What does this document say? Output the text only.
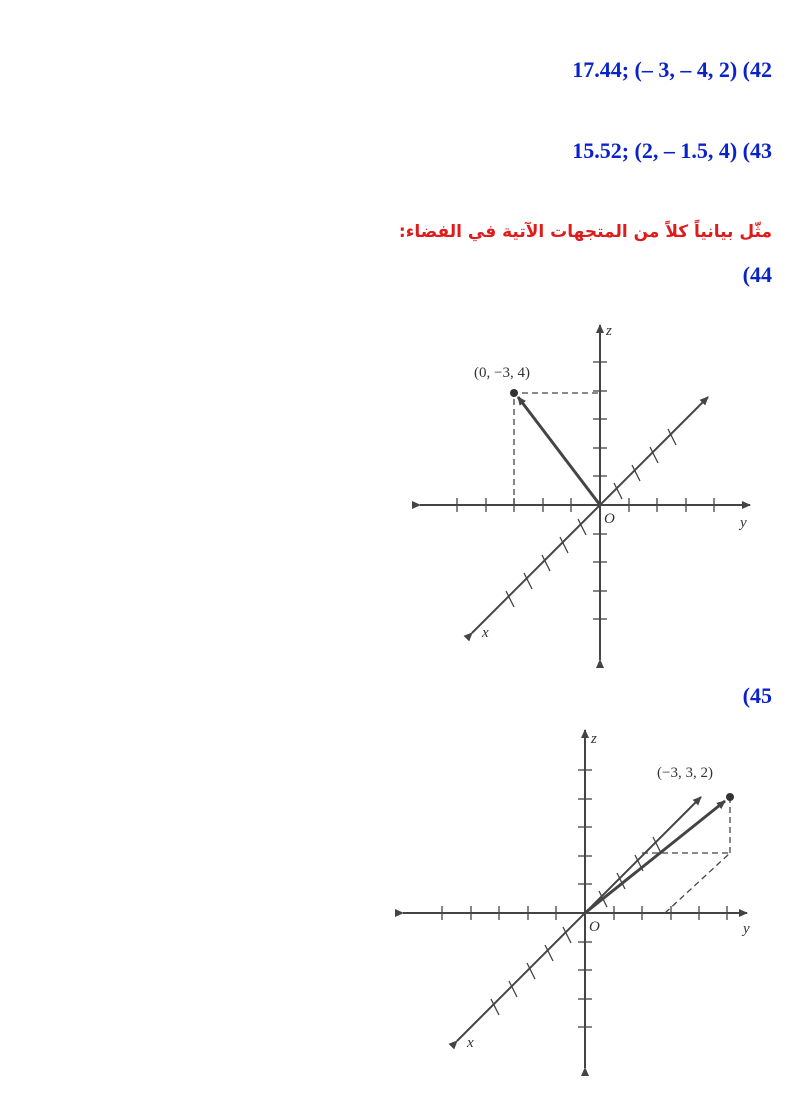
17.44; (– 3, – 4, 2) (42
15.52; (2, – 1.5, 4) (43
مثّل بيانياً كلاً من المتجهات الآتية في الفضاء:
(44
(0, −3, 4)
z
y
x
O
(45
(−3, 3, 2)
z
y
x
O
